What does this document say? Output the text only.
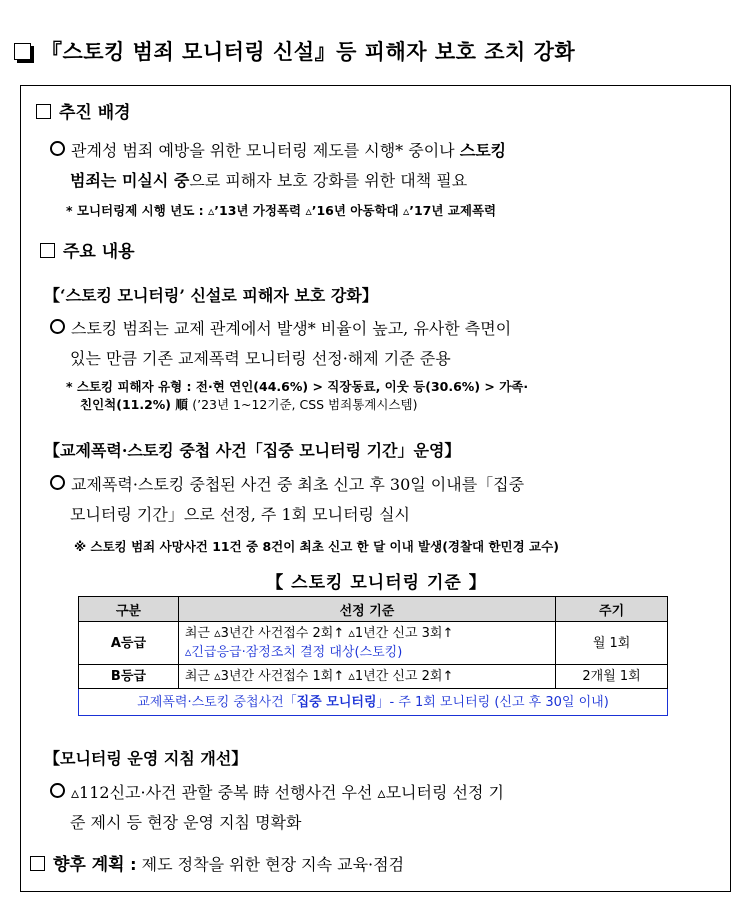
『스토킹 범죄 모니터링 신설』등 피해자 보호 조치 강화
추진 배경
관계성 범죄 예방을 위한 모니터링 제도를 시행* 중이나 스토킹
범죄는 미실시 중으로 피해자 보호 강화를 위한 대책 필요
* 모니터링제 시행 년도 : ▵’13년 가정폭력 ▵’16년 아동학대 ▵’17년 교제폭력
주요 내용
【‘스토킹 모니터링’ 신설로 피해자 보호 강화】
스토킹 범죄는 교제 관계에서 발생* 비율이 높고, 유사한 측면이
있는 만큼 기존 교제폭력 모니터링 선정·해제 기준 준용
* 스토킹 피해자 유형 : 전·현 연인(44.6%) > 직장동료, 이웃 등(30.6%) > 가족·
친인척(11.2%) 順 (’23년 1~12기준, CSS 범죄통계시스템)
【교제폭력·스토킹 중첩 사건「집중 모니터링 기간」운영】
교제폭력·스토킹 중첩된 사건 중 최초 신고 후 30일 이내를「집중
모니터링 기간」으로 선정, 주 1회 모니터링 실시
※ 스토킹 범죄 사망사건 11건 중 8건이 최초 신고 한 달 이내 발생(경찰대 한민경 교수)
【 스토킹 모니터링 기준 】
구분	선정 기준	주기
A등급	최근 ▵3년간 사건접수 2회↑ ▵1년간 신고 3회↑
▵긴급응급·잠정조치 결정 대상(스토킹)	월 1회
B등급	최근 ▵3년간 사건접수 1회↑ ▵1년간 신고 2회↑	2개월 1회
교제폭력·스토킹 중첩사건「집중 모니터링」- 주 1회 모니터링 (신고 후 30일 이내)		
【모니터링 운영 지침 개선】
▵112신고·사건 관할 중복 時 선행사건 우선 ▵모니터링 선정 기
준 제시 등 현장 운영 지침 명확화
향후 계획 : 제도 정착을 위한 현장 지속 교육·점검
